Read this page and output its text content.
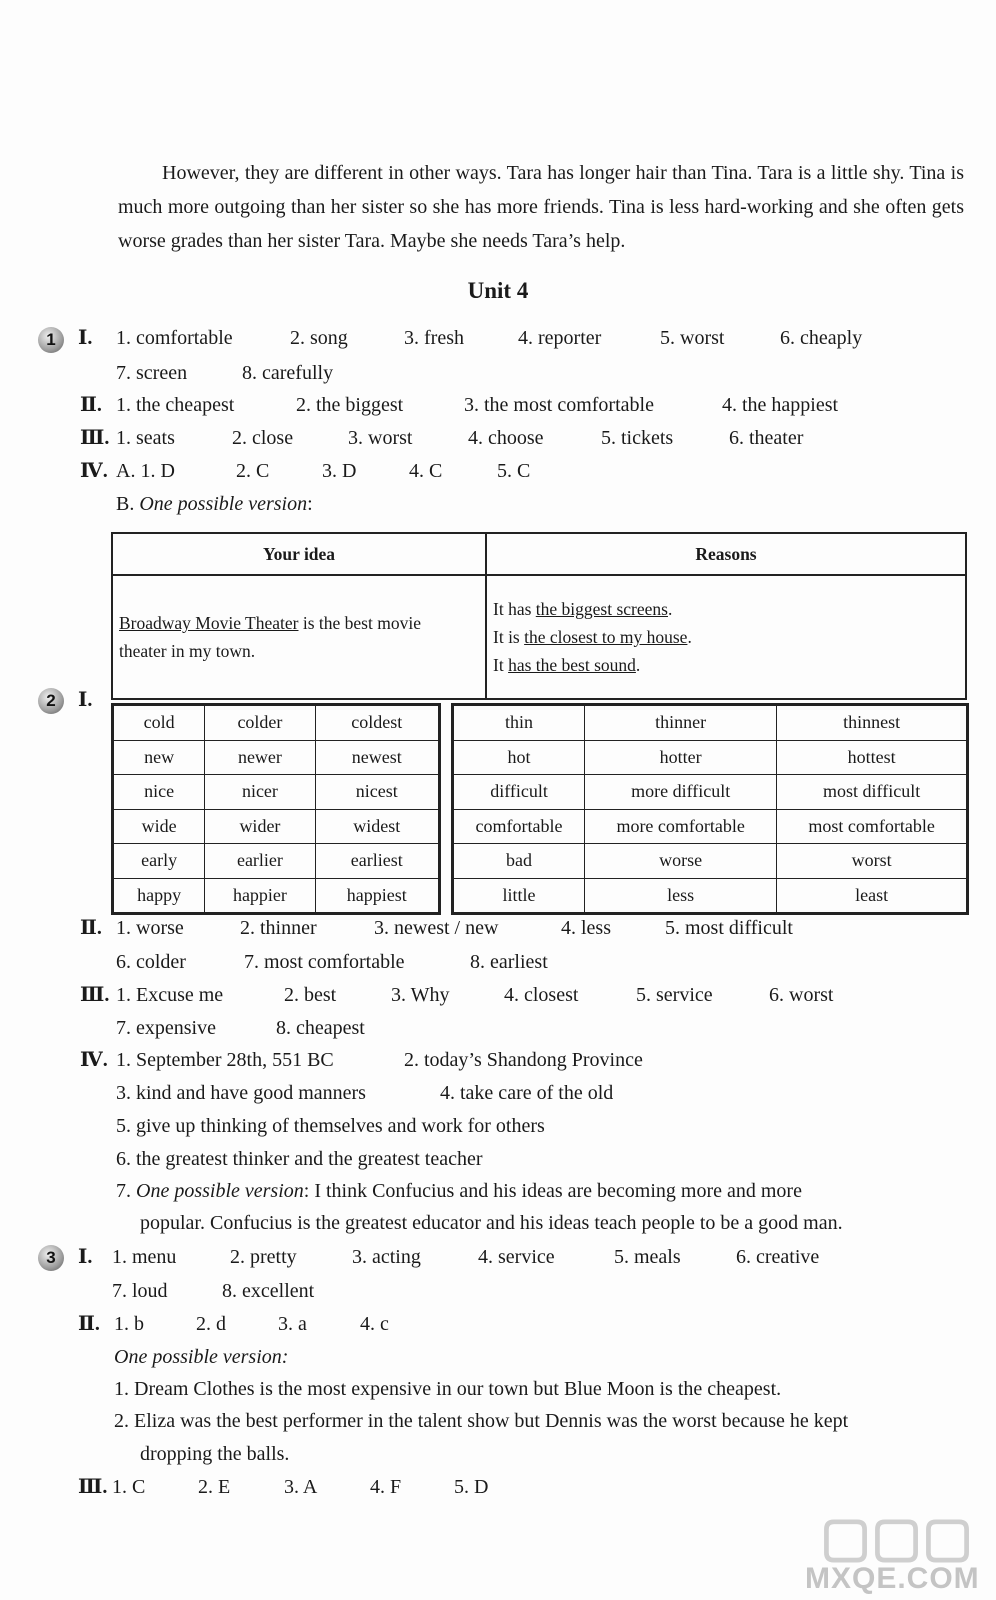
However, they are different in other ways. Tara has longer hair than Tina. Tara is a little shy. Tina is much more outgoing than her sister so she has more friends. Tina is less hard-working and she often gets worse grades than her sister Tara. Maybe she needs Tara’s help.
Unit 4
1	Ⅰ. 1. comfortable	2. song	3. fresh	4. reporter	5. worst	6. cheaply
7. screen	8. carefully
Ⅱ. 1. the cheapest	2. the biggest	3. the most comfortable	4. the happiest
Ⅲ. 1. seats	2. close	3. worst	4. choose	5. tickets	6. theater
Ⅳ. A. 1. D	2. C	3. D	4. C	5. C
B. One possible version:
Your idea	Reasons
Broadway Movie Theater is the best movie
theater in my town.	It has the biggest screens.
It is the closest to my house.
It has the best sound.
2	Ⅰ.
cold	colder	coldest
new	newer	newest
nice	nicer	nicest
wide	wider	widest
early	earlier	earliest
happy	happier	happiest
thin	thinner	thinnest
hot	hotter	hottest
difficult	more difficult	most difficult
comfortable	more comfortable	most comfortable
bad	worse	worst
little	less	least
Ⅱ. 1. worse	2. thinner	3. newest / new	4. less	5. most difficult
6. colder	7. most comfortable	8. earliest
Ⅲ. 1. Excuse me	2. best	3. Why	4. closest	5. service	6. worst
7. expensive	8. cheapest
Ⅳ. 1. September 28th, 551 BC	2. today’s Shandong Province
3. kind and have good manners	4. take care of the old
5. give up thinking of themselves and work for others
6. the greatest thinker and the greatest teacher
7. One possible version: I think Confucius and his ideas are becoming more and more
popular. Confucius is the greatest educator and his ideas teach people to be a good man.
3	Ⅰ. 1. menu	2. pretty	3. acting	4. service	5. meals	6. creative
7. loud	8. excellent
Ⅱ. 1. b	2. d	3. a	4. c
One possible version:
1. Dream Clothes is the most expensive in our town but Blue Moon is the cheapest.
2. Eliza was the best performer in the talent show but Dennis was the worst because he kept
dropping the balls.
Ⅲ. 1. C	2. E	3. A	4. F	5. D
▢▢▢
MXQE.COM
